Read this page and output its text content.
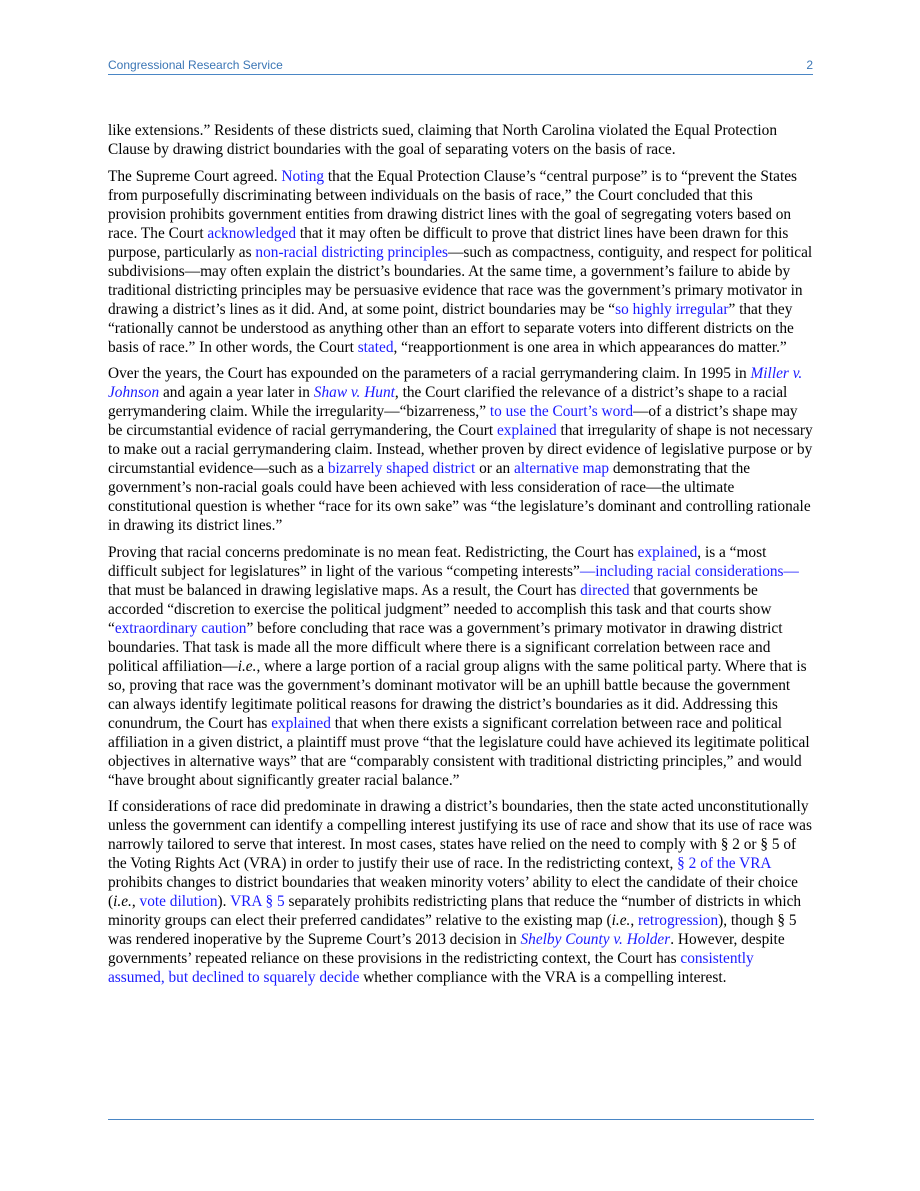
Congressional Research Service	2

like extensions.” Residents of these districts sued, claiming that North Carolina violated the Equal Protection Clause by drawing district boundaries with the goal of separating voters on the basis of race.

The Supreme Court agreed. Noting that the Equal Protection Clause’s “central purpose” is to “prevent the States from purposefully discriminating between individuals on the basis of race,” the Court concluded that this provision prohibits government entities from drawing district lines with the goal of segregating voters based on race. The Court acknowledged that it may often be difficult to prove that district lines have been drawn for this purpose, particularly as non-racial districting principles—such as compactness, contiguity, and respect for political subdivisions—may often explain the district’s boundaries. At the same time, a government’s failure to abide by traditional districting principles may be persuasive evidence that race was the government’s primary motivator in drawing a district’s lines as it did. And, at some point, district boundaries may be “so highly irregular” that they “rationally cannot be understood as anything other than an effort to separate voters into different districts on the basis of race.” In other words, the Court stated, “reapportionment is one area in which appearances do matter.”

Over the years, the Court has expounded on the parameters of a racial gerrymandering claim. In 1995 in Miller v. Johnson and again a year later in Shaw v. Hunt, the Court clarified the relevance of a district’s shape to a racial gerrymandering claim. While the irregularity—“bizarreness,” to use the Court’s word—of a district’s shape may be circumstantial evidence of racial gerrymandering, the Court explained that irregularity of shape is not necessary to make out a racial gerrymandering claim. Instead, whether proven by direct evidence of legislative purpose or by circumstantial evidence—such as a bizarrely shaped district or an alternative map demonstrating that the government’s non-racial goals could have been achieved with less consideration of race—the ultimate constitutional question is whether “race for its own sake” was “the legislature’s dominant and controlling rationale in drawing its district lines.”

Proving that racial concerns predominate is no mean feat. Redistricting, the Court has explained, is a “most difficult subject for legislatures” in light of the various “competing interests”—including racial considerations—that must be balanced in drawing legislative maps. As a result, the Court has directed that governments be accorded “discretion to exercise the political judgment” needed to accomplish this task and that courts show “extraordinary caution” before concluding that race was a government’s primary motivator in drawing district boundaries. That task is made all the more difficult where there is a significant correlation between race and political affiliation—i.e., where a large portion of a racial group aligns with the same political party. Where that is so, proving that race was the government’s dominant motivator will be an uphill battle because the government can always identify legitimate political reasons for drawing the district’s boundaries as it did. Addressing this conundrum, the Court has explained that when there exists a significant correlation between race and political affiliation in a given district, a plaintiff must prove “that the legislature could have achieved its legitimate political objectives in alternative ways” that are “comparably consistent with traditional districting principles,” and would “have brought about significantly greater racial balance.”

If considerations of race did predominate in drawing a district’s boundaries, then the state acted unconstitutionally unless the government can identify a compelling interest justifying its use of race and show that its use of race was narrowly tailored to serve that interest. In most cases, states have relied on the need to comply with § 2 or § 5 of the Voting Rights Act (VRA) in order to justify their use of race. In the redistricting context, § 2 of the VRA prohibits changes to district boundaries that weaken minority voters’ ability to elect the candidate of their choice (i.e., vote dilution). VRA § 5 separately prohibits redistricting plans that reduce the “number of districts in which minority groups can elect their preferred candidates” relative to the existing map (i.e., retrogression), though § 5 was rendered inoperative by the Supreme Court’s 2013 decision in Shelby County v. Holder. However, despite governments’ repeated reliance on these provisions in the redistricting context, the Court has consistently assumed, but declined to squarely decide whether compliance with the VRA is a compelling interest.
